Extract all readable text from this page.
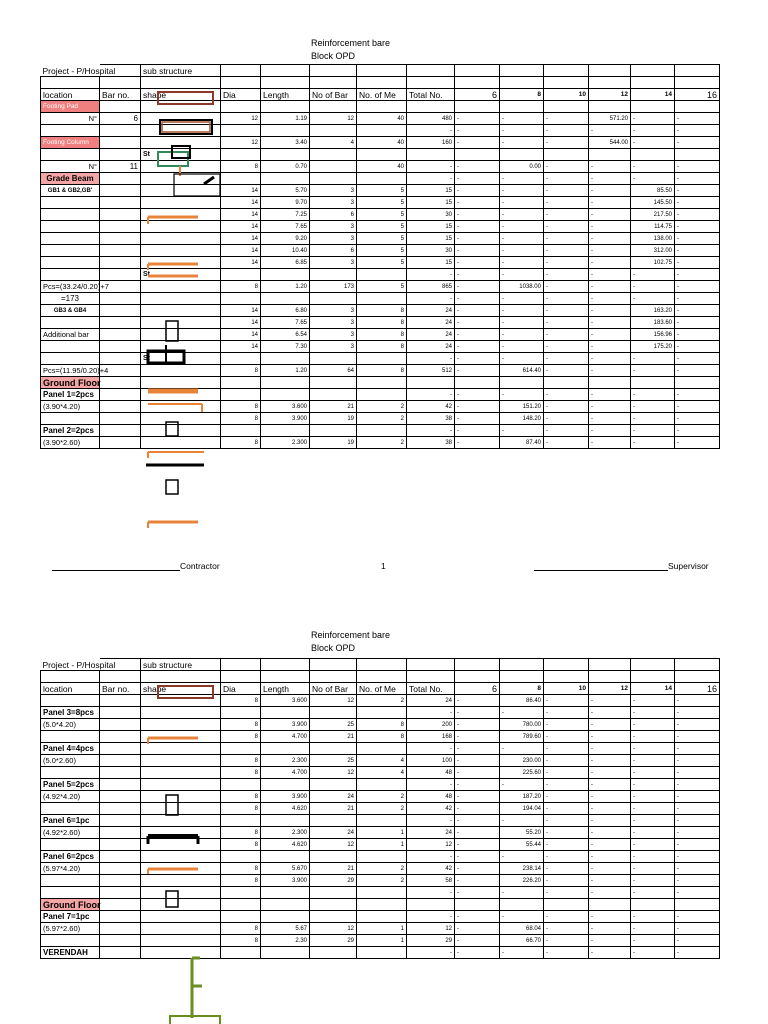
Reinforcement bare
Block OPD
Project - P/Hospital		sub structure											

location	Bar no.	shape	Dia	Length	No of Bar	No. of Me	Total No.	6	8	10	12	14	16
Footing Pad													
N°	6		12	1.19	12	40	480	-	-	-	571.20	-	-
							-	-	-	-	-	-	-
Footing Column			12	3.40	4	40	160	-	-	-	544.00	-	-
		St											
N°	11		8	0.70		40	-	-	0.00	-	-	-	-
Grade Beam							-	-	-	-	-	-	-
GB1 & GB2,GB'			14	5.70	3	5	15	-	-	-	-	85.50	-
			14	9.70	3	5	15	-	-	-	-	145.50	-
			14	7.25	6	5	30	-	-	-	-	217.50	-
			14	7.65	3	5	15	-	-	-	-	114.75	-
			14	9.20	3	5	15	-	-	-	-	138.00	-
			14	10.40	6	5	30	-	-	-	-	312.00	-
			14	6.85	3	5	15	-	-	-	-	102.75	-
		St					-	-	-	-	-	-	-
Pcs=(33.24/0.20)+7			8	1.20	173	5	865	-	1038.00	-	-	-	-
=173							-	-	-	-	-	-	-
GB3 & GB4			14	6.80	3	8	24	-	-	-	-	163.20	-
			14	7.65	3	8	24	-	-	-	-	183.60	-
Additional bar			14	6.54	3	8	24	-	-	-	-	156.96	-
			14	7.30	3	8	24	-	-	-	-	175.20	-
		St					-	-	-	-	-	-	-
Pcs=(11.95/0.20)+4			8	1.20	64	8	512	-	614.40	-	-	-	-
Ground Floor													
Panel 1=2pcs							-	-	-	-	-	-	-
(3.90*4.20)			8	3.600	21	2	42	-	151.20	-	-	-	-
			8	3.900	19	2	38	-	148.20	-	-	-	-
Panel 2=2pcs							-	-	-	-	-	-	-
(3.90*2.60)			8	2.300	19	2	38	-	87.40	-	-	-	-
Contractor	1	Supervisor
Reinforcement bare
Block OPD
Project - P/Hospital		sub structure											

location	Bar no.	shape	Dia	Length	No of Bar	No. of Me	Total No.	6	8	10	12	14	16
			8	3.600	12	2	24	-	86.40	-	-	-	-
Panel 3=8pcs							-	-	-	-	-	-	-
(5.0*4.20)			8	3.900	25	8	200	-	780.00	-	-	-	-
			8	4.700	21	8	168	-	789.60	-	-	-	-
Panel 4=4pcs							-	-	-	-	-	-	-
(5.0*2.60)			8	2.300	25	4	100	-	230.00	-	-	-	-
			8	4.700	12	4	48	-	225.60	-	-	-	-
Panel 5=2pcs							-	-	-	-	-	-	-
(4.92*4.20)			8	3.900	24	2	48	-	187.20	-	-	-	-
			8	4.620	21	2	42	-	194.04	-	-	-	-
Panel 6=1pc							-	-	-	-	-	-	-
(4.92*2.60)			8	2.300	24	1	24	-	55.20	-	-	-	-
			8	4.620	12	1	12	-	55.44	-	-	-	-
Panel 6=2pcs							-	-	-	-	-	-	-
(5.97*4.20)			8	5.670	21	2	42	-	238.14	-	-	-	-
			8	3.900	29	2	58	-	226.20	-	-	-	-
							-	-	-	-	-	-	-
Ground Floor													
Panel 7=1pc							-	-	-	-	-	-	-
(5.97*2.60)			8	5.67	12	1	12	-	68.04	-	-	-	-
			8	2.30	29	1	29	-	66.70	-	-	-	-
VERENDAH							-	-	-	-	-	-	-
